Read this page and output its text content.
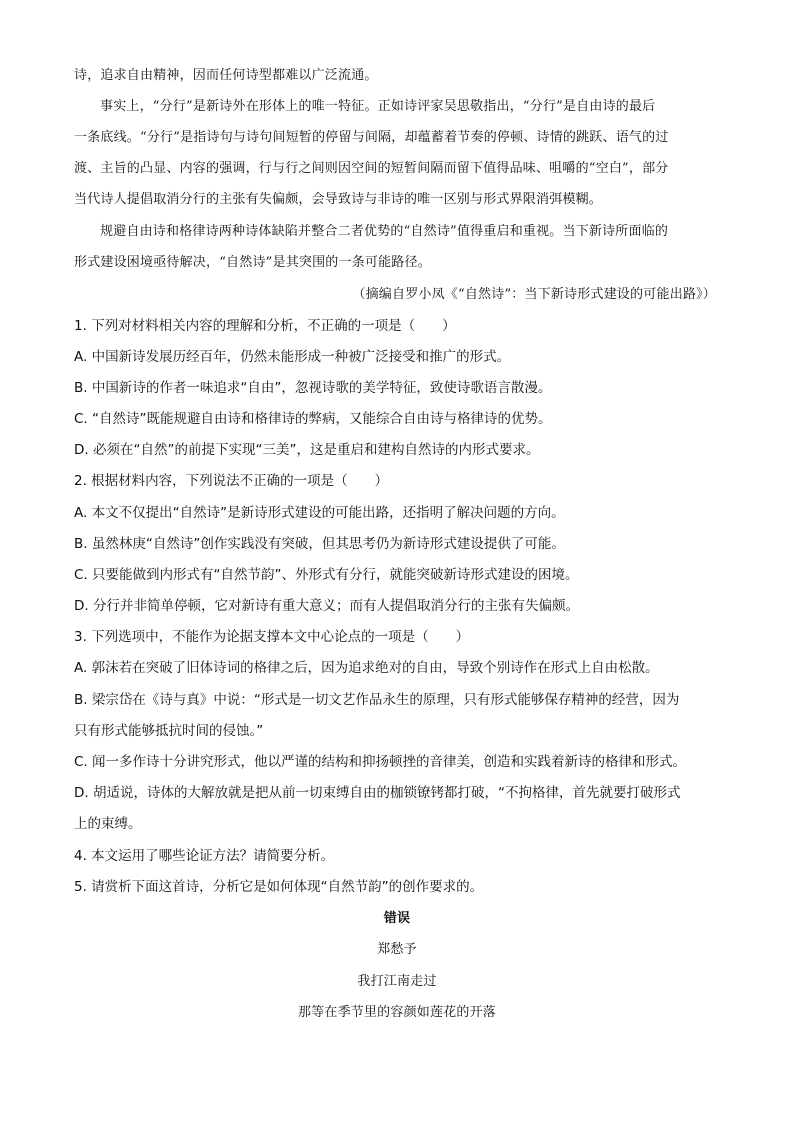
诗，追求自由精神，因而任何诗型都难以广泛流通。
事实上，“分行”是新诗外在形体上的唯一特征。正如诗评家吴思敬指出，“分行”是自由诗的最后
一条底线。“分行”是指诗句与诗句间短暂的停留与间隔，却蕴蓄着节奏的停顿、诗情的跳跃、语气的过
渡、主旨的凸显、内容的强调，行与行之间则因空间的短暂间隔而留下值得品味、咀嚼的“空白”，部分
当代诗人提倡取消分行的主张有失偏颇，会导致诗与非诗的唯一区别与形式界限消弭模糊。
规避自由诗和格律诗两种诗体缺陷并整合二者优势的“自然诗”值得重启和重视。当下新诗所面临的
形式建设困境亟待解决，“自然诗”是其突围的一条可能路径。
（摘编自罗小凤《“自然诗”：当下新诗形式建设的可能出路》）
1. 下列对材料相关内容的理解和分析，不正确的一项是（　　）
A. 中国新诗发展历经百年，仍然未能形成一种被广泛接受和推广的形式。
B. 中国新诗的作者一味追求“自由”，忽视诗歌的美学特征，致使诗歌语言散漫。
C. “自然诗”既能规避自由诗和格律诗的弊病，又能综合自由诗与格律诗的优势。
D. 必须在“自然”的前提下实现“三美”，这是重启和建构自然诗的内形式要求。
2. 根据材料内容，下列说法不正确的一项是（　　）
A. 本文不仅提出“自然诗”是新诗形式建设的可能出路，还指明了解决问题的方向。
B. 虽然林庚“自然诗”创作实践没有突破，但其思考仍为新诗形式建设提供了可能。
C. 只要能做到内形式有“自然节韵”、外形式有分行，就能突破新诗形式建设的困境。
D. 分行并非简单停顿，它对新诗有重大意义；而有人提倡取消分行的主张有失偏颇。
3. 下列选项中，不能作为论据支撑本文中心论点的一项是（　　）
A. 郭沫若在突破了旧体诗词的格律之后，因为追求绝对的自由，导致个别诗作在形式上自由松散。
B. 梁宗岱在《诗与真》中说：“形式是一切文艺作品永生的原理，只有形式能够保存精神的经营，因为
只有形式能够抵抗时间的侵蚀。”
C. 闻一多作诗十分讲究形式，他以严谨的结构和抑扬顿挫的音律美，创造和实践着新诗的格律和形式。
D. 胡适说，诗体的大解放就是把从前一切束缚自由的枷锁镣铐都打破，“不拘格律，首先就要打破形式
上的束缚。
4. 本文运用了哪些论证方法？请简要分析。
5. 请赏析下面这首诗，分析它是如何体现“自然节韵”的创作要求的。
错误
郑愁予
我打江南走过
那等在季节里的容颜如莲花的开落
